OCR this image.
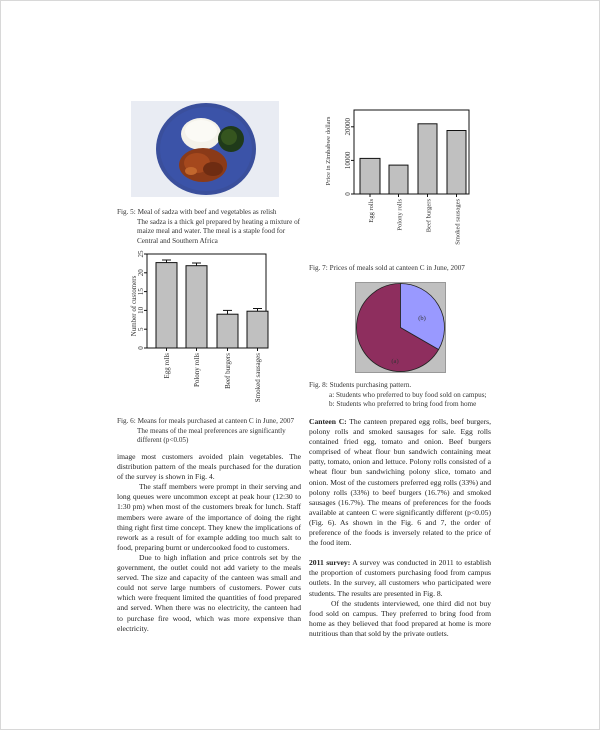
Fig. 5: Meal of sadza with beef and vegetables as relish
The sadza is a thick gel prepared by heating a mixture of maize meal and water. The meal is a staple food for Central and Southern Africa
Number of customers
0
5
10
15
20
25
Egg rolls	Polony rolls	Beef burgers	Smoked sausages
Fig. 6: Means for meals purchased at canteen C in June, 2007
The means of the meal preferences are significantly different (p<0.05)

image most customers avoided plain vegetables. The distribution pattern of the meals purchased for the duration of the survey is shown in Fig. 4.

The staff members were prompt in their serving and long queues were uncommon except at peak hour (12:30 to 1:30 pm) when most of the customers break for lunch. Staff members were aware of the importance of doing the right thing right first time concept. They knew the implications of rework as a result of for example adding too much salt to food, preparing burnt or undercooked food to customers.

Due to high inflation and price controls set by the government, the outlet could not add variety to the meals served. The size and capacity of the canteen was small and could not serve large numbers of customers. Power cuts which were frequent limited the quantities of food prepared and served. When there was no electricity, the canteen had to purchase fire wood, which was more expensive than electricity.

Price in Zimbabwe dollars
0
10000
20000
Egg rolls	Polony rolls	Beef burgers	Smoked sausages
Fig. 7: Prices of meals sold at canteen C in June, 2007
(b)
(a)
Fig. 8: Students purchasing pattern.
a: Students who preferred to buy food sold on campus;
b: Students who preferred to bring food from home

Canteen C: The canteen prepared egg rolls, beef burgers, polony rolls and smoked sausages for sale. Egg rolls contained fried egg, tomato and onion. Beef burgers comprised of wheat flour bun sandwich containing meat patty, tomato, onion and lettuce. Polony rolls consisted of a wheat flour bun sandwiching polony slice, tomato and onion. Most of the customers preferred egg rolls (33%) and polony rolls (33%) to beef burgers (16.7%) and smoked sausages (16.7%). The means of preferences for the foods available at canteen C were significantly different (p<0.05) (Fig. 6). As shown in the Fig. 6 and 7, the order of preference of the foods is inversely related to the price of the food item.

2011 survey: A survey was conducted in 2011 to establish the proportion of customers purchasing food from campus outlets. In the survey, all customers who participated were students. The results are presented in Fig. 8.

Of the students interviewed, one third did not buy food sold on campus. They preferred to bring food from home as they believed that food prepared at home is more nutritious than that sold by the private outlets.
